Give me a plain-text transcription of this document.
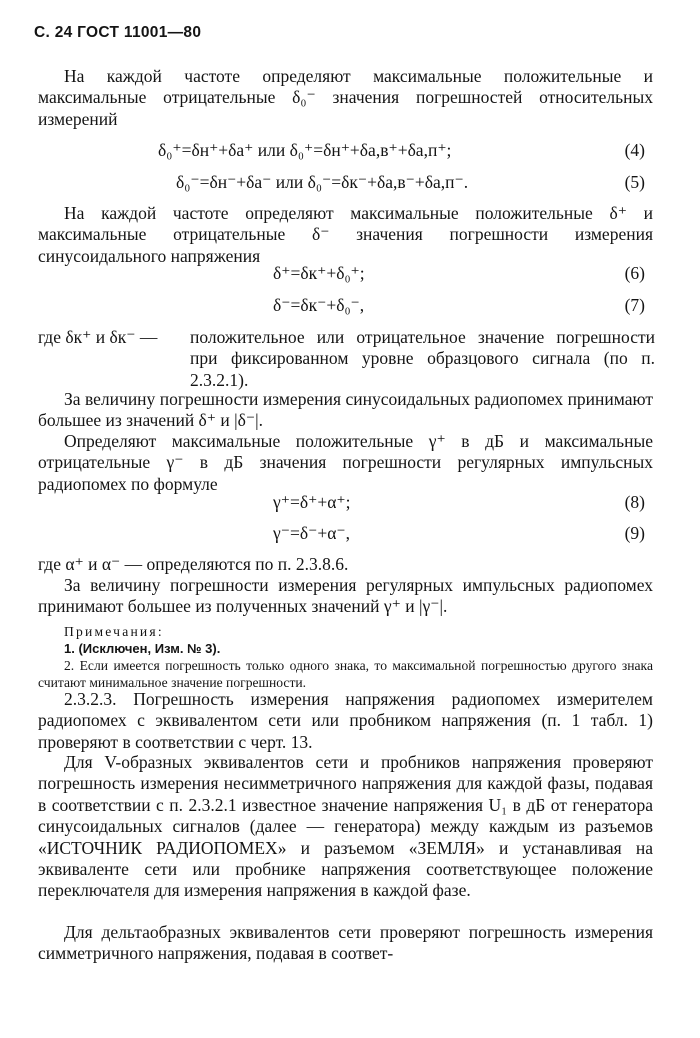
С. 24 ГОСТ 11001—80
На каждой частоте определяют максимальные положительные и максимальные отрицательные δ₀⁻ значения погрешностей относительных измерений
δ₀⁺=δн⁺+δа⁺ или δ₀⁺=δн⁺+δа,в⁺+δа,п⁺;	(4)
δ₀⁻=δн⁻+δа⁻ или δ₀⁻=δк⁻+δа,в⁻+δа,п⁻.	(5)
На каждой частоте определяют максимальные положительные δ⁺ и максимальные отрицательные δ⁻ значения погрешности измерения синусоидального напряжения
δ⁺=δк⁺+δ₀⁺;	(6)
δ⁻=δк⁻+δ₀⁻,	(7)
где δк⁺ и δк⁻ — положительное или отрицательное значение погрешности при фиксированном уровне образцового сигнала (по п. 2.3.2.1).
За величину погрешности измерения синусоидальных радиопомех принимают большее из значений δ⁺ и |δ⁻|.
Определяют максимальные положительные γ⁺ в дБ и максимальные отрицательные γ⁻ в дБ значения погрешности регулярных импульсных радиопомех по формуле
γ⁺=δ⁺+α⁺;	(8)
γ⁻=δ⁻+α⁻,	(9)
где α⁺ и α⁻ — определяются по п. 2.3.8.6.
За величину погрешности измерения регулярных импульсных радиопомех принимают большее из полученных значений γ⁺ и |γ⁻|.
Примечания:
1. (Исключен, Изм. № 3).
2. Если имеется погрешность только одного знака, то максимальной погрешностью другого знака считают минимальное значение погрешности.
2.3.2.3. Погрешность измерения напряжения радиопомех измерителем радиопомех с эквивалентом сети или пробником напряжения (п. 1 табл. 1) проверяют в соответствии с черт. 13.
Для V-образных эквивалентов сети и пробников напряжения проверяют погрешность измерения несимметричного напряжения для каждой фазы, подавая в соответствии с п. 2.3.2.1 известное значение напряжения U₁ в дБ от генератора синусоидальных сигналов (далее — генератора) между каждым из разъемов «ИСТОЧНИК РАДИОПОМЕХ» и разъемом «ЗЕМЛЯ» и устанавливая на эквиваленте сети или пробнике напряжения соответствующее положение переключателя для измерения напряжения в каждой фазе.
Для дельтаобразных эквивалентов сети проверяют погрешность измерения симметричного напряжения, подавая в соответ-
